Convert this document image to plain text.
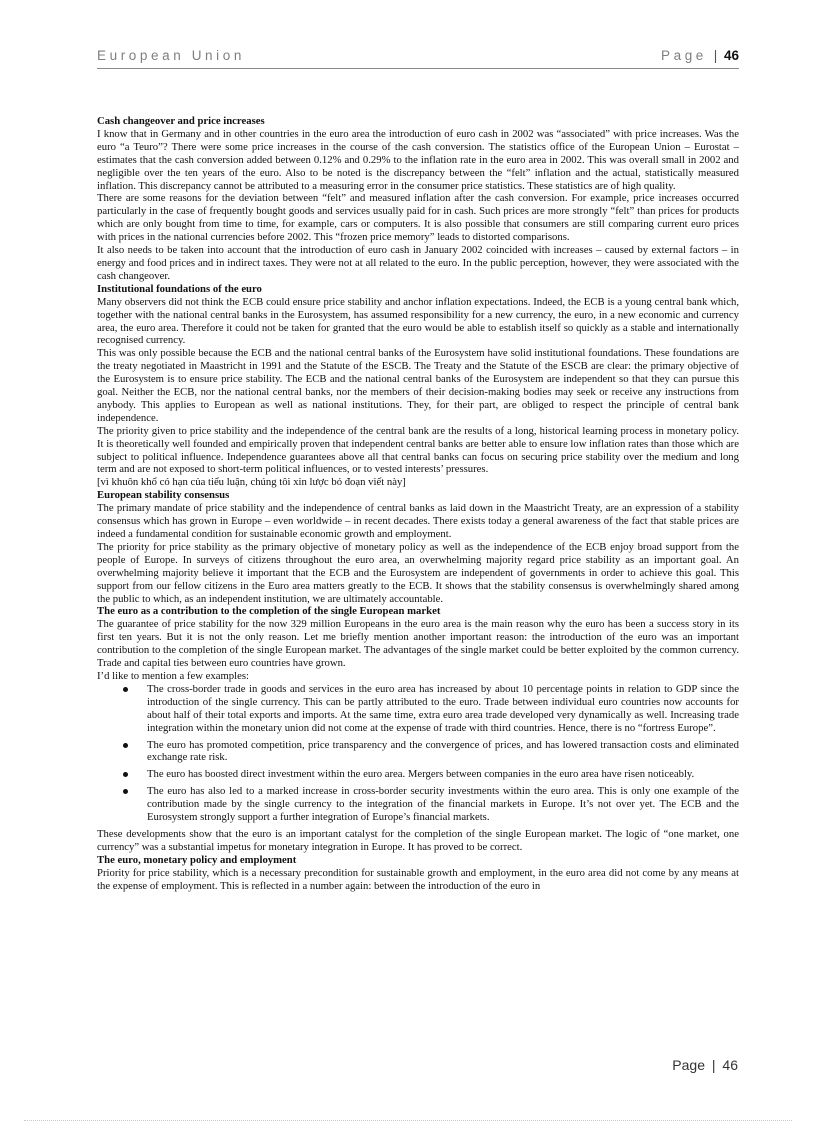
European Union	Page | 46
Cash changeover and price increases

I know that in Germany and in other countries in the euro area the introduction of euro cash in 2002 was “associated” with price increases. Was the euro “a Teuro”? There were some price increases in the course of the cash conversion. The statistics office of the European Union – Eurostat – estimates that the cash conversion added between 0.12% and 0.29% to the inflation rate in the euro area in 2002. This was overall small in 2002 and negligible over the ten years of the euro. Also to be noted is the discrepancy between the “felt” inflation and the actual, statistically measured inflation. This discrepancy cannot be attributed to a measuring error in the consumer price statistics. These statistics are of high quality.

There are some reasons for the deviation between “felt” and measured inflation after the cash conversion. For example, price increases occurred particularly in the case of frequently bought goods and services usually paid for in cash. Such prices are more strongly “felt” than prices for products which are only bought from time to time, for example, cars or computers. It is also possible that consumers are still comparing current euro prices with prices in the national currencies before 2002. This “frozen price memory” leads to distorted comparisons.

It also needs to be taken into account that the introduction of euro cash in January 2002 coincided with increases – caused by external factors – in energy and food prices and in indirect taxes. They were not at all related to the euro. In the public perception, however, they were associated with the cash changeover.

Institutional foundations of the euro

Many observers did not think the ECB could ensure price stability and anchor inflation expectations. Indeed, the ECB is a young central bank which, together with the national central banks in the Eurosystem, has assumed responsibility for a new currency, the euro, in a new economic and currency area, the euro area. Therefore it could not be taken for granted that the euro would be able to establish itself so quickly as a stable and internationally recognised currency.

This was only possible because the ECB and the national central banks of the Eurosystem have solid institutional foundations. These foundations are the treaty negotiated in Maastricht in 1991 and the Statute of the ESCB. The Treaty and the Statute of the ESCB are clear: the primary objective of the Eurosystem is to ensure price stability. The ECB and the national central banks of the Eurosystem are independent so that they can pursue this goal. Neither the ECB, nor the national central banks, nor the members of their decision-making bodies may seek or receive any instructions from anybody. This applies to European as well as national institutions. They, for their part, are obliged to respect the principle of central bank independence.

The priority given to price stability and the independence of the central bank are the results of a long, historical learning process in monetary policy. It is theoretically well founded and empirically proven that independent central banks are better able to ensure low inflation rates than those which are subject to political influence. Independence guarantees above all that central banks can focus on securing price stability over the medium and long term and are not exposed to short-term political influences, or to vested interests’ pressures.

[vì khuôn khổ có hạn của tiểu luận, chúng tôi xin lược bỏ đoạn viết này]

European stability consensus

The primary mandate of price stability and the independence of central banks as laid down in the Maastricht Treaty, are an expression of a stability consensus which has grown in Europe – even worldwide – in recent decades. There exists today a general awareness of the fact that stable prices are indeed a fundamental condition for sustainable economic growth and employment.

The priority for price stability as the primary objective of monetary policy as well as the independence of the ECB enjoy broad support from the people of Europe. In surveys of citizens throughout the euro area, an overwhelming majority regard price stability as an important goal. An overwhelming majority believe it important that the ECB and the Eurosystem are independent of governments in order to achieve this goal. This support from our fellow citizens in the Euro area matters greatly to the ECB. It shows that the stability consensus is overwhelmingly shared among the public to which, as an independent institution, we are ultimately accountable.

The euro as a contribution to the completion of the single European market

The guarantee of price stability for the now 329 million Europeans in the euro area is the main reason why the euro has been a success story in its first ten years. But it is not the only reason. Let me briefly mention another important reason: the introduction of the euro was an important contribution to the completion of the single European market. The advantages of the single market could be better exploited by the common currency. Trade and capital ties between euro countries have grown.

I’d like to mention a few examples:

The cross-border trade in goods and services in the euro area has increased by about 10 percentage points in relation to GDP since the introduction of the single currency. This can be partly attributed to the euro. Trade between individual euro countries now accounts for about half of their total exports and imports. At the same time, extra euro area trade developed very dynamically as well. Increasing trade integration within the monetary union did not come at the expense of trade with third countries. Hence, there is no “fortress Europe”.
The euro has promoted competition, price transparency and the convergence of prices, and has lowered transaction costs and eliminated exchange rate risk.
The euro has boosted direct investment within the euro area. Mergers between companies in the euro area have risen noticeably.
The euro has also led to a marked increase in cross-border security investments within the euro area. This is only one example of the contribution made by the single currency to the integration of the financial markets in Europe. It’s not over yet. The ECB and the Eurosystem strongly support a further integration of Europe’s financial markets.

These developments show that the euro is an important catalyst for the completion of the single European market. The logic of “one market, one currency” was a substantial impetus for monetary integration in Europe. It has proved to be correct.

The euro, monetary policy and employment

Priority for price stability, which is a necessary precondition for sustainable growth and employment, in the euro area did not come by any means at the expense of employment. This is reflected in a number again: between the introduction of the euro in

Page | 46
